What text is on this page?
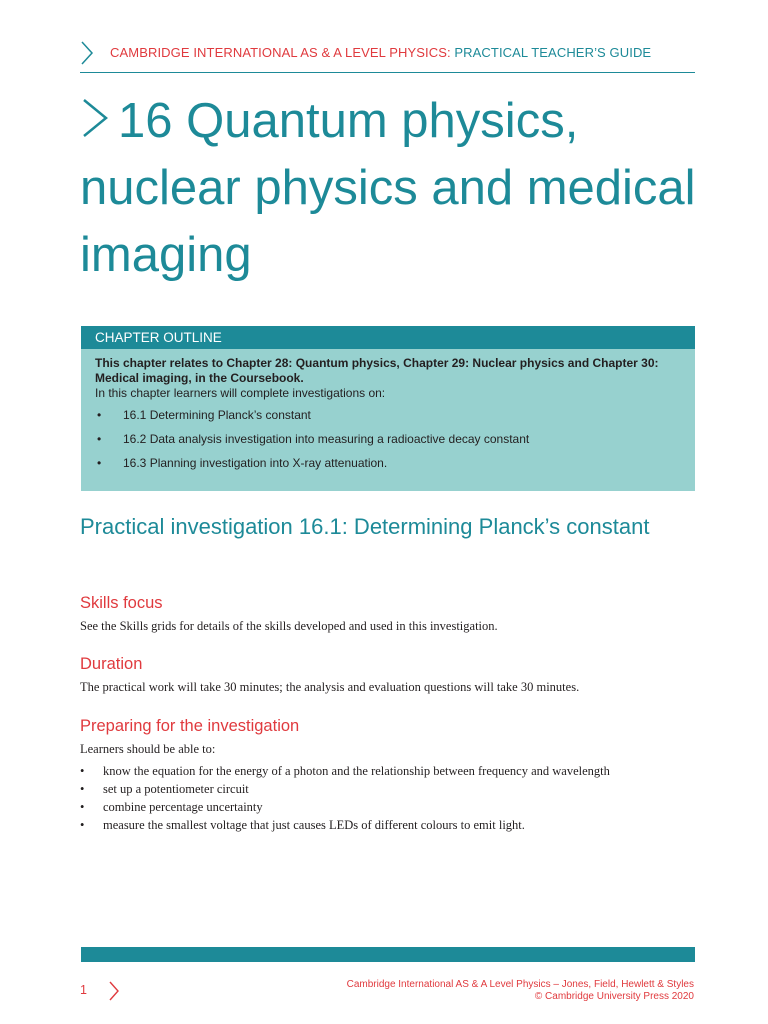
CAMBRIDGE INTERNATIONAL AS & A LEVEL PHYSICS: PRACTICAL TEACHER’S GUIDE
16 Quantum physics, nuclear physics and medical imaging
CHAPTER OUTLINE

This chapter relates to Chapter 28: Quantum physics, Chapter 29: Nuclear physics and Chapter 30: Medical imaging, in the Coursebook.

In this chapter learners will complete investigations on:

• 16.1 Determining Planck’s constant
• 16.2 Data analysis investigation into measuring a radioactive decay constant
• 16.3 Planning investigation into X-ray attenuation.
Practical investigation 16.1: Determining Planck’s constant
Skills focus

See the Skills grids for details of the skills developed and used in this investigation.

Duration

The practical work will take 30 minutes; the analysis and evaluation questions will take 30 minutes.

Preparing for the investigation

Learners should be able to:

• know the equation for the energy of a photon and the relationship between frequency and wavelength
• set up a potentiometer circuit
• combine percentage uncertainty
• measure the smallest voltage that just causes LEDs of different colours to emit light.
1	Cambridge International AS & A Level Physics – Jones, Field, Hewlett & Styles
© Cambridge University Press 2020
